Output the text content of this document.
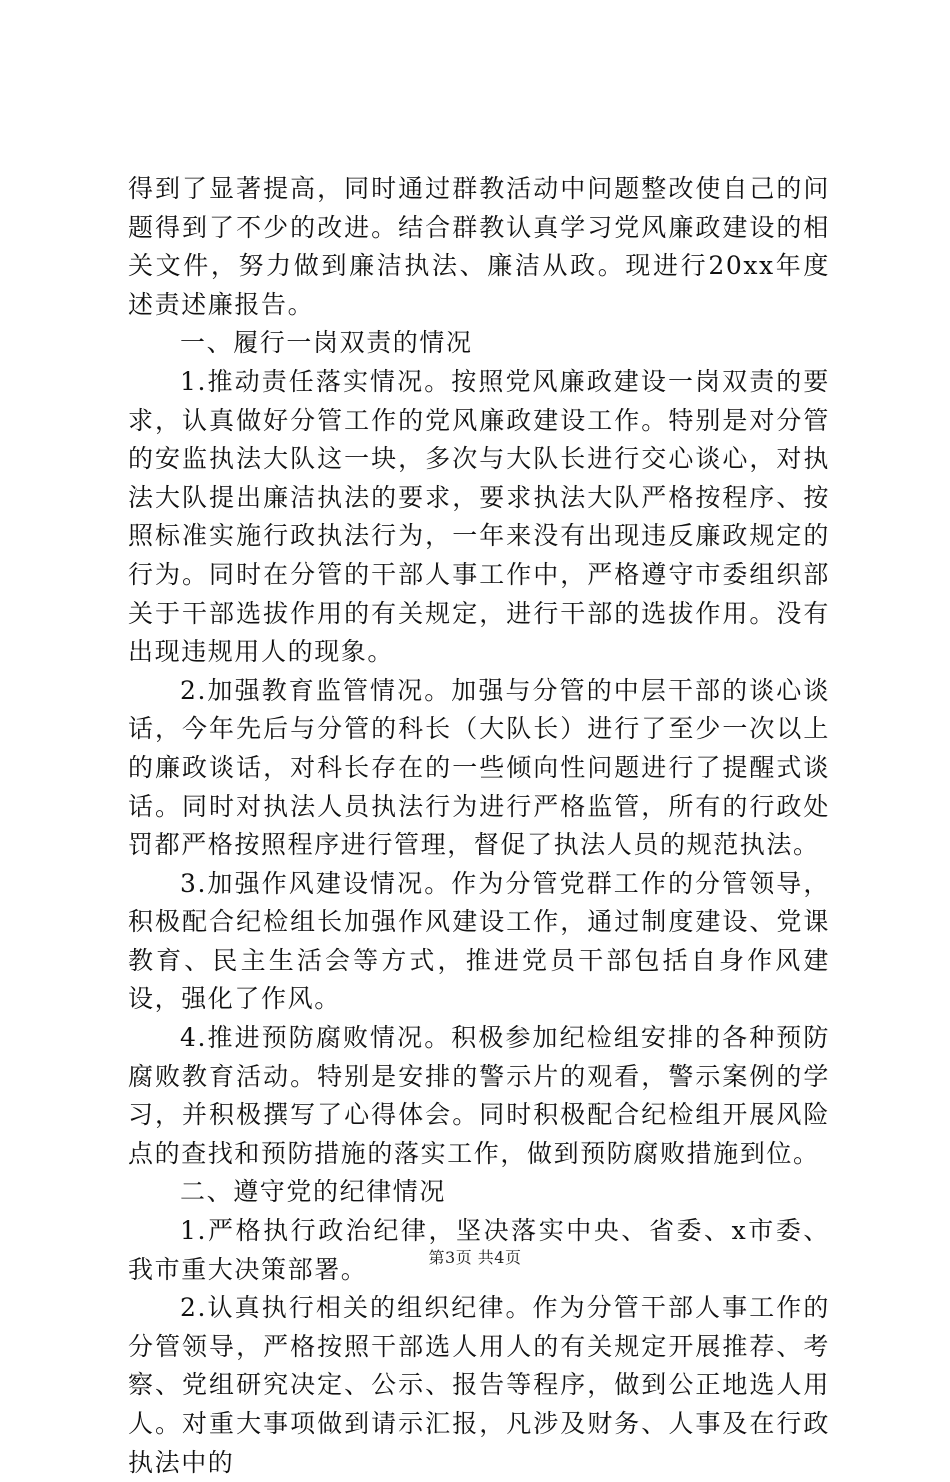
得到了显著提高，同时通过群教活动中问题整改使自己的问题得到了不少的改进。结合群教认真学习党风廉政建设的相关文件，努力做到廉洁执法、廉洁从政。现进行20xx年度述责述廉报告。

一、履行一岗双责的情况

1.推动责任落实情况。按照党风廉政建设一岗双责的要求，认真做好分管工作的党风廉政建设工作。特别是对分管的安监执法大队这一块，多次与大队长进行交心谈心，对执法大队提出廉洁执法的要求，要求执法大队严格按程序、按照标准实施行政执法行为，一年来没有出现违反廉政规定的行为。同时在分管的干部人事工作中，严格遵守市委组织部关于干部选拔作用的有关规定，进行干部的选拔作用。没有出现违规用人的现象。

2.加强教育监管情况。加强与分管的中层干部的谈心谈话，今年先后与分管的科长（大队长）进行了至少一次以上的廉政谈话，对科长存在的一些倾向性问题进行了提醒式谈话。同时对执法人员执法行为进行严格监管，所有的行政处罚都严格按照程序进行管理，督促了执法人员的规范执法。

3.加强作风建设情况。作为分管党群工作的分管领导，积极配合纪检组长加强作风建设工作，通过制度建设、党课教育、民主生活会等方式，推进党员干部包括自身作风建设，强化了作风。

4.推进预防腐败情况。积极参加纪检组安排的各种预防腐败教育活动。特别是安排的警示片的观看，警示案例的学习，并积极撰写了心得体会。同时积极配合纪检组开展风险点的查找和预防措施的落实工作，做到预防腐败措施到位。

二、遵守党的纪律情况

1.严格执行政治纪律，坚决落实中央、省委、x市委、我市重大决策部署。

2.认真执行相关的组织纪律。作为分管干部人事工作的分管领导，严格按照干部选人用人的有关规定开展推荐、考察、党组研究决定、公示、报告等程序，做到公正地选人用人。对重大事项做到请示汇报，凡涉及财务、人事及在行政执法中的

第3页 共4页
